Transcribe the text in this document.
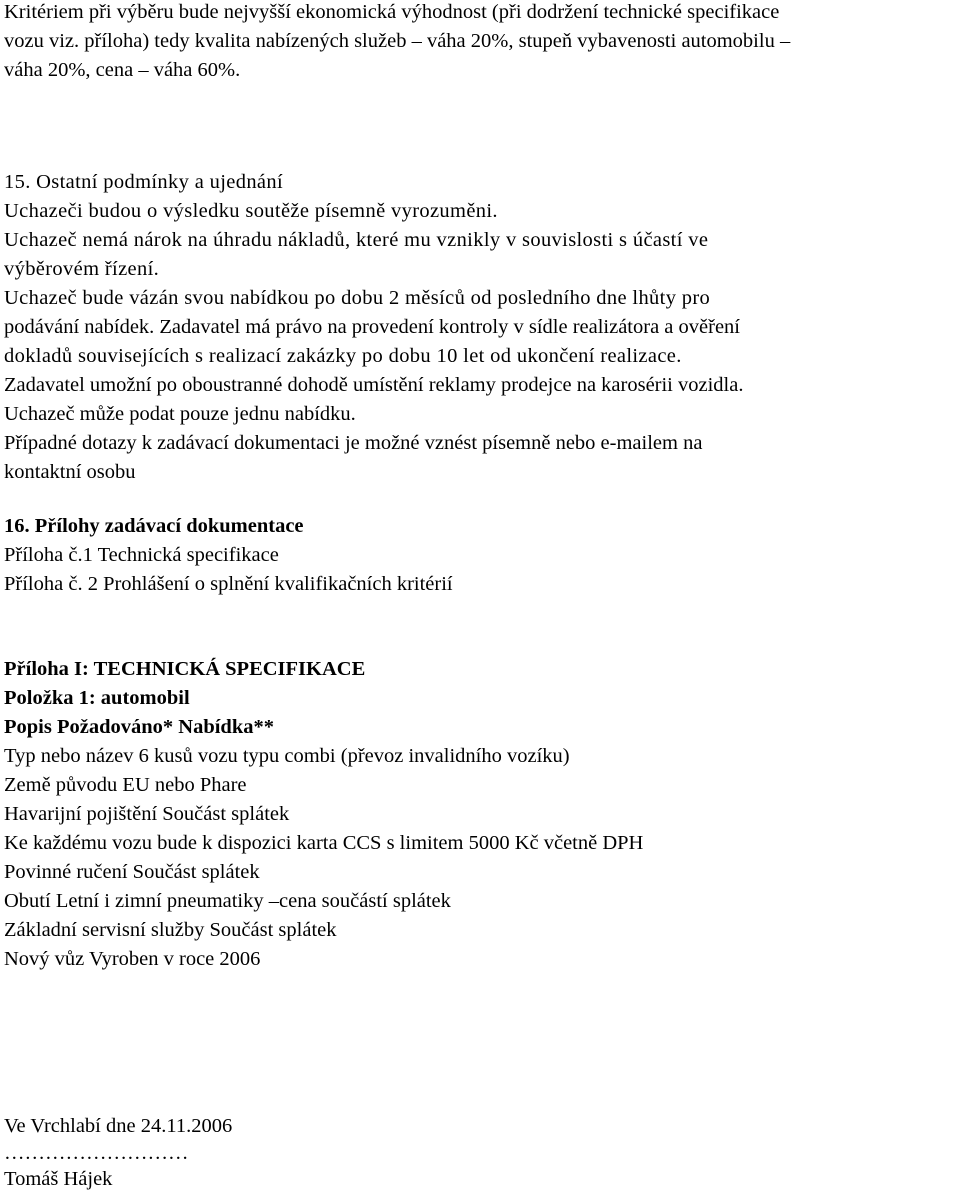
Kritériem při výběru bude nejvyšší ekonomická výhodnost (při dodržení technické specifikace
vozu viz. příloha) tedy kvalita nabízených služeb – váha 20%, stupeň vybavenosti automobilu –
váha 20%, cena – váha 60%.
15. Ostatní podmínky a ujednání
Uchazeči budou o výsledku soutěže písemně vyrozuměni.
Uchazeč nemá nárok na úhradu nákladů, které mu vznikly v souvislosti s účastí ve
výběrovém řízení.
Uchazeč bude vázán svou nabídkou po dobu 2 měsíců od posledního dne lhůty pro
podávání nabídek. Zadavatel má právo na provedení kontroly v sídle realizátora a ověření
dokladů souvisejících s realizací zakázky po dobu 10 let od ukončení realizace.
Zadavatel umožní po oboustranné dohodě umístění reklamy prodejce na karosérii vozidla.
Uchazeč může podat pouze jednu nabídku.
Případné dotazy k zadávací dokumentaci je možné vznést písemně nebo e-mailem na
kontaktní osobu
16. Přílohy zadávací dokumentace
Příloha č.1 Technická specifikace
Příloha č. 2 Prohlášení o splnění kvalifikačních kritérií
Příloha I: TECHNICKÁ SPECIFIKACE
Položka 1: automobil
Popis Požadováno* Nabídka**
Typ nebo název 6 kusů vozu typu combi (převoz invalidního vozíku)
Země původu EU nebo Phare
Havarijní pojištění Součást splátek
Ke každému vozu bude k dispozici karta CCS s limitem 5000 Kč včetně DPH
Povinné ručení Součást splátek
Obutí Letní i zimní pneumatiky –cena součástí splátek
Základní servisní služby Součást splátek
Nový vůz Vyroben v roce 2006
Ve Vrchlabí dne 24.11.2006
………………………
Tomáš Hájek
